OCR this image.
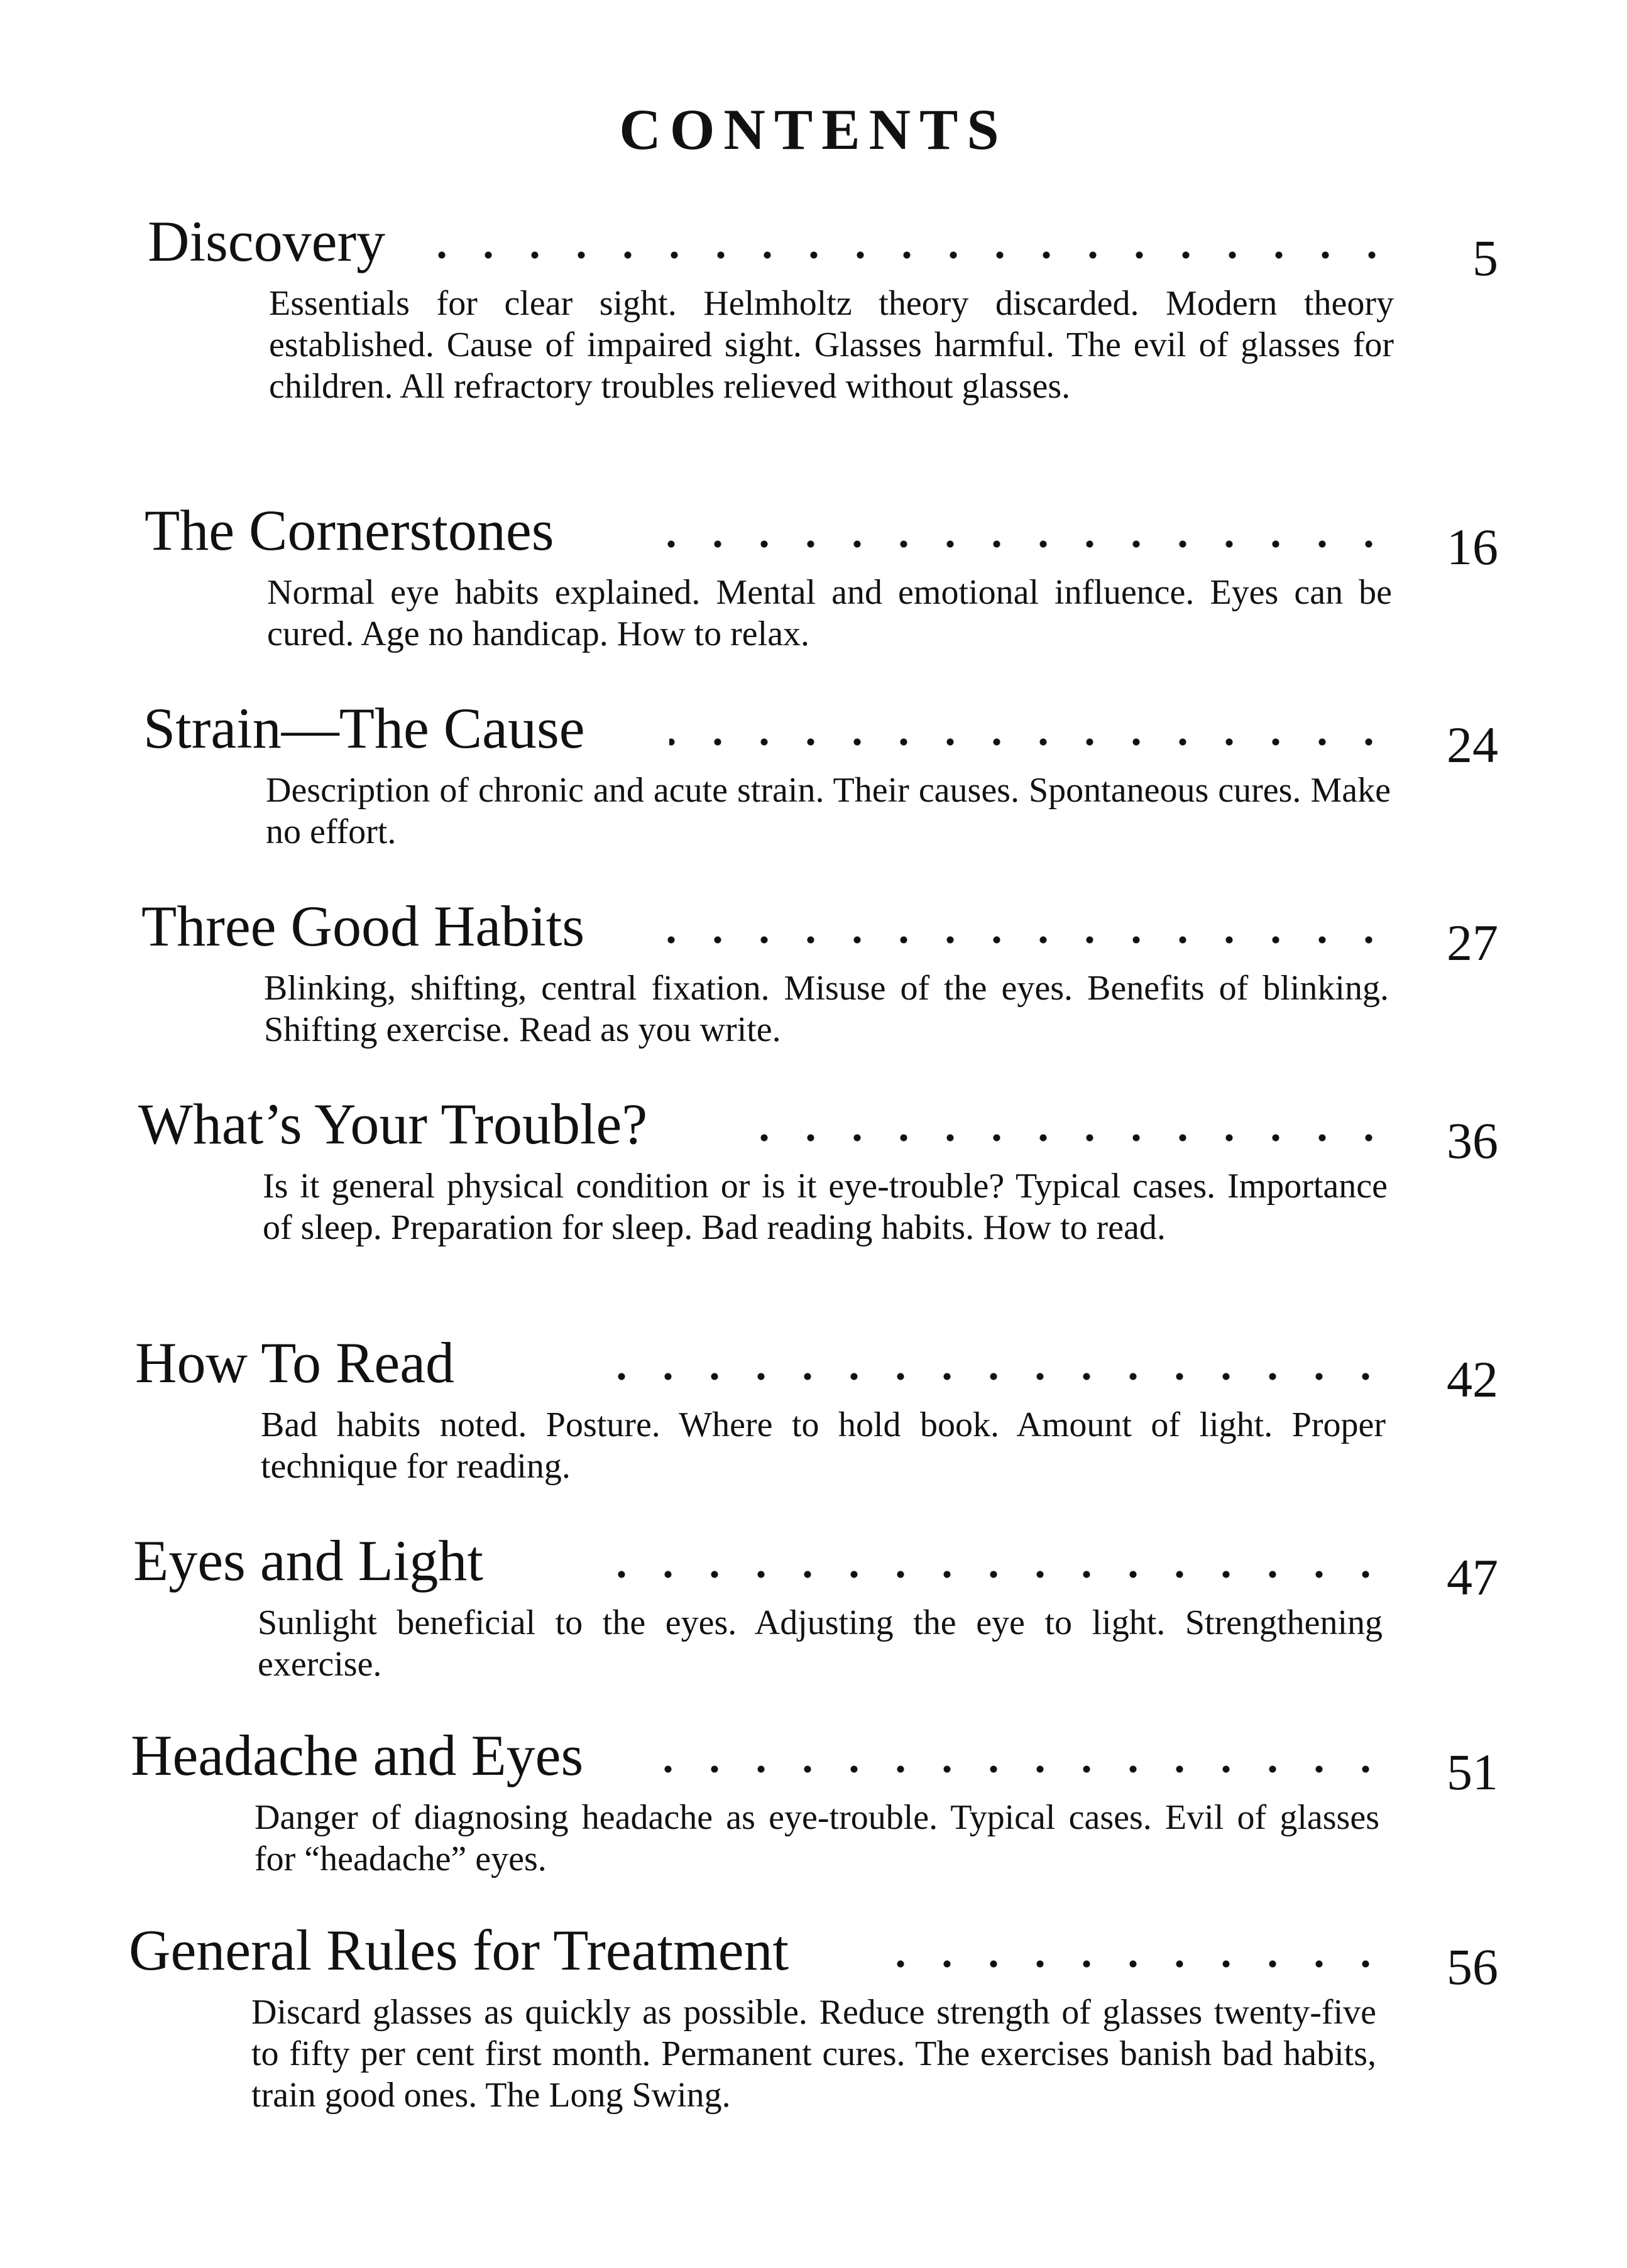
CONTENTS
Discovery	5

Essentials for clear sight. Helmholtz theory discarded. Modern theory established. Cause of impaired sight. Glasses harmful. The evil of glasses for children. All refractory troubles relieved without glasses.

The Cornerstones	16

Normal eye habits explained. Mental and emotional influence. Eyes can be cured. Age no handicap. How to relax.

Strain—The Cause	24

Description of chronic and acute strain. Their causes. Spontaneous cures. Make no effort.

Three Good Habits	27

Blinking, shifting, central fixation. Misuse of the eyes. Benefits of blinking. Shifting exercise. Read as you write.

What’s Your Trouble?	36

Is it general physical condition or is it eye-trouble? Typical cases. Importance of sleep. Preparation for sleep. Bad reading habits. How to read.

How To Read	42

Bad habits noted. Posture. Where to hold book. Amount of light. Proper technique for reading.

Eyes and Light	47

Sunlight beneficial to the eyes. Adjusting the eye to light. Strengthening exercise.

Headache and Eyes	51

Danger of diagnosing headache as eye-trouble. Typical cases. Evil of glasses for “headache” eyes.

General Rules for Treatment	56

Discard glasses as quickly as possible. Reduce strength of glasses twenty-five to fifty per cent first month. Permanent cures. The exercises banish bad habits, train good ones. The Long Swing.
